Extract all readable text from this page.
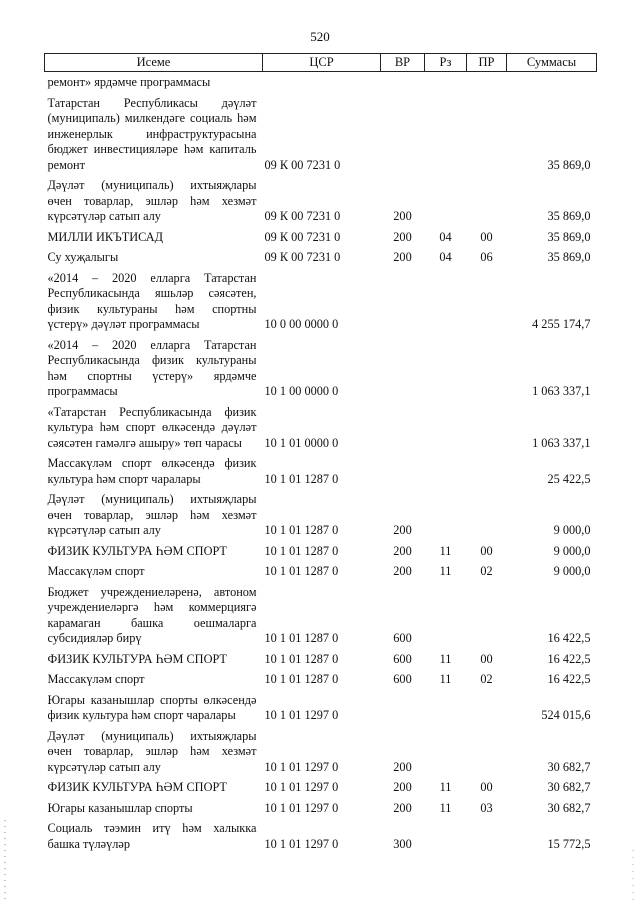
520
Исеме	ЦСР	ВР	Рз	ПР	Суммасы
ремонт» ярдәмче программасы					
Татарстан Республикасы дәүләт (муниципаль) милкендәге социаль һәм инженерлык инфраструктурасына бюджет инвестицияләре һәм капиталь ремонт	09 К 00 7231 0				35 869,0
Дәүләт (муниципаль) ихтыяҗлары өчен товарлар, эшләр һәм хезмәт күрсәтүләр сатып алу	09 К 00 7231 0	200			35 869,0
МИЛЛИ ИКЪТИСАД	09 К 00 7231 0	200	04	00	35 869,0
Су хуҗалыгы	09 К 00 7231 0	200	04	06	35 869,0
«2014 – 2020 елларга Татарстан Республикасында яшьләр сәясәтен, физик культураны һәм спортны үстерү» дәүләт программасы	10 0 00 0000 0				4 255 174,7
«2014 – 2020 елларга Татарстан Республикасында физик культураны һәм спортны үстерү» ярдәмче программасы	10 1 00 0000 0				1 063 337,1
«Татарстан Республикасында физик культура һәм спорт өлкәсендә дәүләт сәясәтен гамәлгә ашыру» төп чарасы	10 1 01 0000 0				1 063 337,1
Массакүләм спорт өлкәсендә физик культура һәм спорт чаралары	10 1 01 1287 0				25 422,5
Дәүләт (муниципаль) ихтыяҗлары өчен товарлар, эшләр һәм хезмәт күрсәтүләр сатып алу	10 1 01 1287 0	200			9 000,0
ФИЗИК КУЛЬТУРА ҺӘМ СПОРТ	10 1 01 1287 0	200	11	00	9 000,0
Массакүләм спорт	10 1 01 1287 0	200	11	02	9 000,0
Бюджет учреждениеләренә, автоном учреждениеләргә һәм коммерциягә карамаган башка оешмаларга субсидияләр бирү	10 1 01 1287 0	600			16 422,5
ФИЗИК КУЛЬТУРА ҺӘМ СПОРТ	10 1 01 1287 0	600	11	00	16 422,5
Массакүләм спорт	10 1 01 1287 0	600	11	02	16 422,5
Югары казанышлар спорты өлкәсендә физик культура һәм спорт чаралары	10 1 01 1297 0				524 015,6
Дәүләт (муниципаль) ихтыяҗлары өчен товарлар, эшләр һәм хезмәт күрсәтүләр сатып алу	10 1 01 1297 0	200			30 682,7
ФИЗИК КУЛЬТУРА ҺӘМ СПОРТ	10 1 01 1297 0	200	11	00	30 682,7
Югары казанышлар спорты	10 1 01 1297 0	200	11	03	30 682,7
Социаль тәэмин итү һәм халыкка башка түләүләр	10 1 01 1297 0	300			15 772,5
